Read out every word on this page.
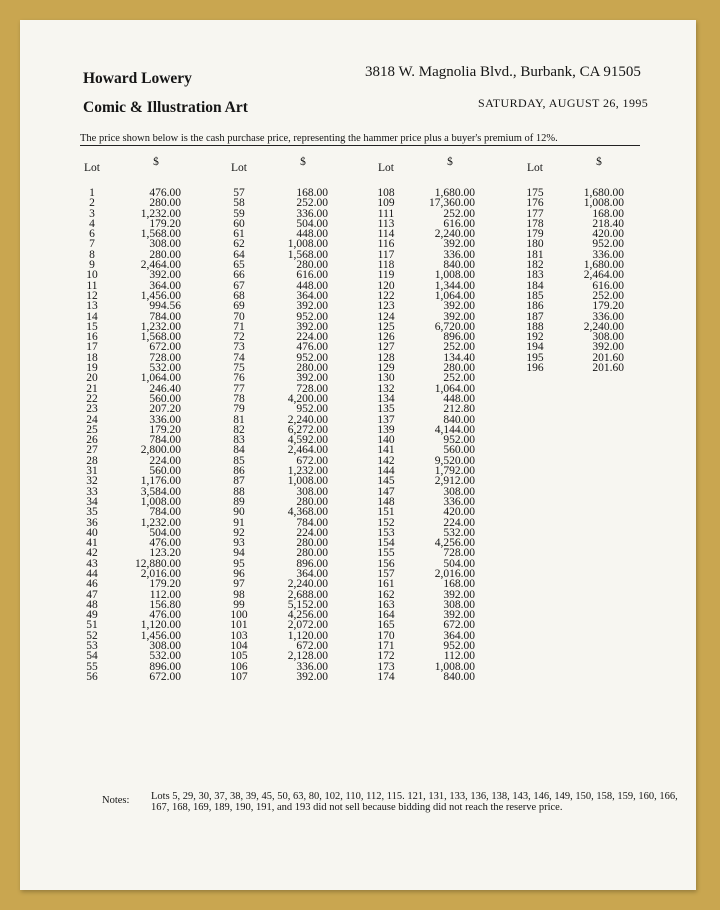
Howard Lowery
Comic & Illustration Art
3818 W. Magnolia Blvd., Burbank, CA 91505
SATURDAY, AUGUST 26, 1995
The price shown below is the cash purchase price, representing the hammer price plus a buyer's premium of 12%.
Lot	$
1	476.00
2	280.00
3	1,232.00
4	179.20
6	1,568.00
7	308.00
8	280.00
9	2,464.00
10	392.00
11	364.00
12	1,456.00
13	994.56
14	784.00
15	1,232.00
16	1,568.00
17	672.00
18	728.00
19	532.00
20	1,064.00
21	246.40
22	560.00
23	207.20
24	336.00
25	179.20
26	784.00
27	2,800.00
28	224.00
31	560.00
32	1,176.00
33	3,584.00
34	1,008.00
35	784.00
36	1,232.00
40	504.00
41	476.00
42	123.20
43	12,880.00
44	2,016.00
46	179.20
47	112.00
48	156.80
49	476.00
51	1,120.00
52	1,456.00
53	308.00
54	532.00
55	896.00
56	672.00
Lot	$
57	168.00
58	252.00
59	336.00
60	504.00
61	448.00
62	1,008.00
64	1,568.00
65	280.00
66	616.00
67	448.00
68	364.00
69	392.00
70	952.00
71	392.00
72	224.00
73	476.00
74	952.00
75	280.00
76	392.00
77	728.00
78	4,200.00
79	952.00
81	2,240.00
82	6,272.00
83	4,592.00
84	2,464.00
85	672.00
86	1,232.00
87	1,008.00
88	308.00
89	280.00
90	4,368.00
91	784.00
92	224.00
93	280.00
94	280.00
95	896.00
96	364.00
97	2,240.00
98	2,688.00
99	5,152.00
100	4,256.00
101	2,072.00
103	1,120.00
104	672.00
105	2,128.00
106	336.00
107	392.00
Lot	$
108	1,680.00
109	17,360.00
111	252.00
113	616.00
114	2,240.00
116	392.00
117	336.00
118	840.00
119	1,008.00
120	1,344.00
122	1,064.00
123	392.00
124	392.00
125	6,720.00
126	896.00
127	252.00
128	134.40
129	280.00
130	252.00
132	1,064.00
134	448.00
135	212.80
137	840.00
139	4,144.00
140	952.00
141	560.00
142	9,520.00
144	1,792.00
145	2,912.00
147	308.00
148	336.00
151	420.00
152	224.00
153	532.00
154	4,256.00
155	728.00
156	504.00
157	2,016.00
161	168.00
162	392.00
163	308.00
164	392.00
165	672.00
170	364.00
171	952.00
172	112.00
173	1,008.00
174	840.00
Lot	$
175	1,680.00
176	1,008.00
177	168.00
178	218.40
179	420.00
180	952.00
181	336.00
182	1,680.00
183	2,464.00
184	616.00
185	252.00
186	179.20
187	336.00
188	2,240.00
192	308.00
194	392.00
195	201.60
196	201.60
Notes: Lots 5, 29, 30, 37, 38, 39, 45, 50, 63, 80, 102, 110, 112, 115. 121, 131, 133, 136, 138, 143, 146, 149, 150, 158, 159, 160, 166, 167, 168, 169, 189, 190, 191, and 193 did not sell because bidding did not reach the reserve price.
